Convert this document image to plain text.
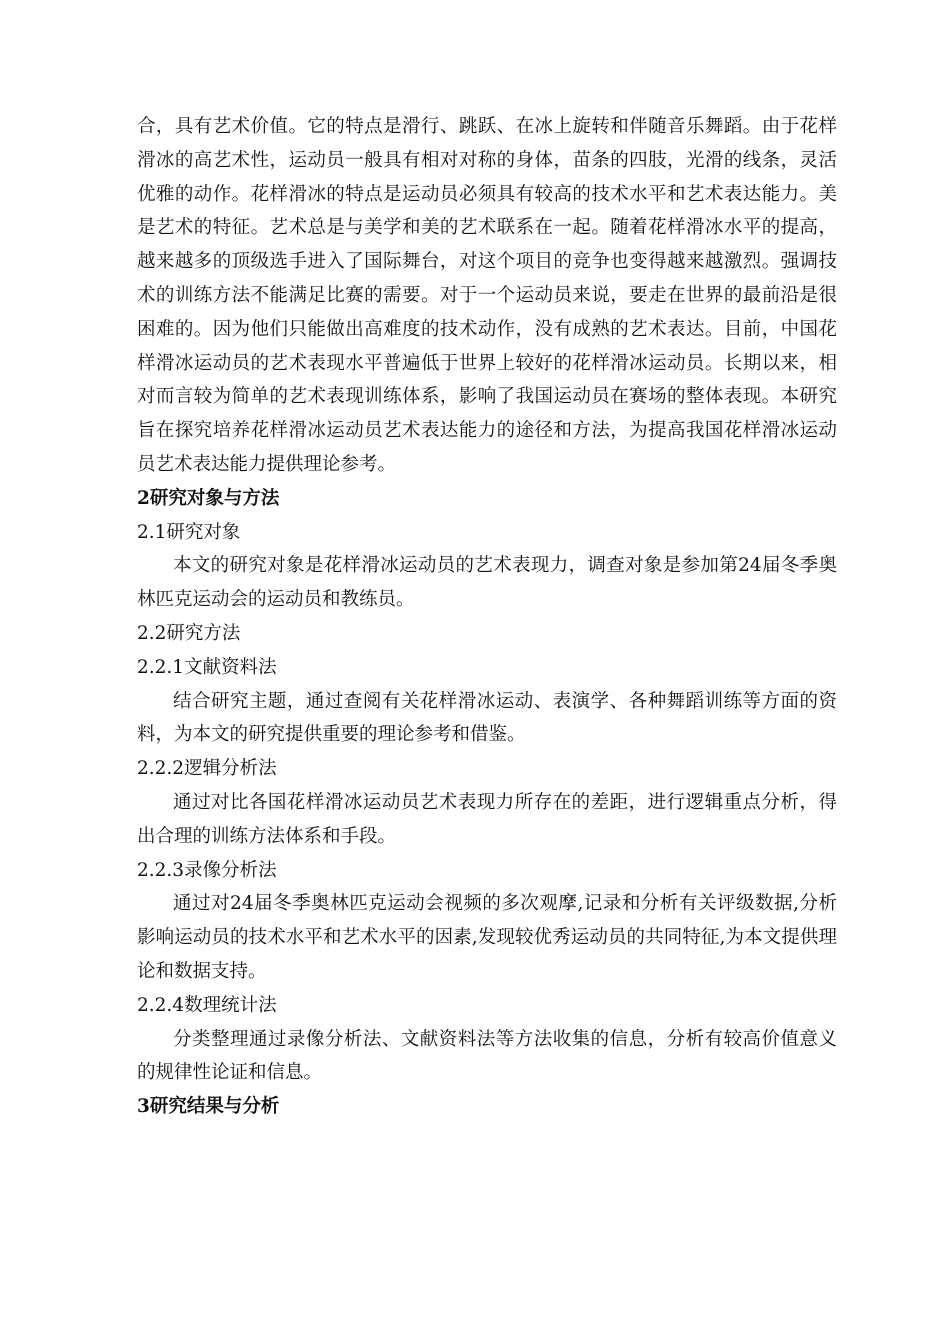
合，具有艺术价值。它的特点是滑行、跳跃、在冰上旋转和伴随音乐舞蹈。由于花样滑冰的高艺术性，运动员一般具有相对对称的身体，苗条的四肢，光滑的线条，灵活优雅的动作。花样滑冰的特点是运动员必须具有较高的技术水平和艺术表达能力。美是艺术的特征。艺术总是与美学和美的艺术联系在一起。随着花样滑冰水平的提高，越来越多的顶级选手进入了国际舞台，对这个项目的竞争也变得越来越激烈。强调技术的训练方法不能满足比赛的需要。对于一个运动员来说，要走在世界的最前沿是很困难的。因为他们只能做出高难度的技术动作，没有成熟的艺术表达。目前，中国花样滑冰运动员的艺术表现水平普遍低于世界上较好的花样滑冰运动员。长期以来，相对而言较为简单的艺术表现训练体系，影响了我国运动员在赛场的整体表现。本研究旨在探究培养花样滑冰运动员艺术表达能力的途径和方法，为提高我国花样滑冰运动员艺术表达能力提供理论参考。

2研究对象与方法

2.1研究对象

本文的研究对象是花样滑冰运动员的艺术表现力，调查对象是参加第24届冬季奥林匹克运动会的运动员和教练员。

2.2研究方法

2.2.1文献资料法

结合研究主题，通过查阅有关花样滑冰运动、表演学、各种舞蹈训练等方面的资料，为本文的研究提供重要的理论参考和借鉴。

2.2.2逻辑分析法

通过对比各国花样滑冰运动员艺术表现力所存在的差距，进行逻辑重点分析，得出合理的训练方法体系和手段。

2.2.3录像分析法

通过对24届冬季奥林匹克运动会视频的多次观摩,记录和分析有关评级数据,分析影响运动员的技术水平和艺术水平的因素,发现较优秀运动员的共同特征,为本文提供理论和数据支持。

2.2.4数理统计法

分类整理通过录像分析法、文献资料法等方法收集的信息，分析有较高价值意义的规律性论证和信息。

3研究结果与分析
